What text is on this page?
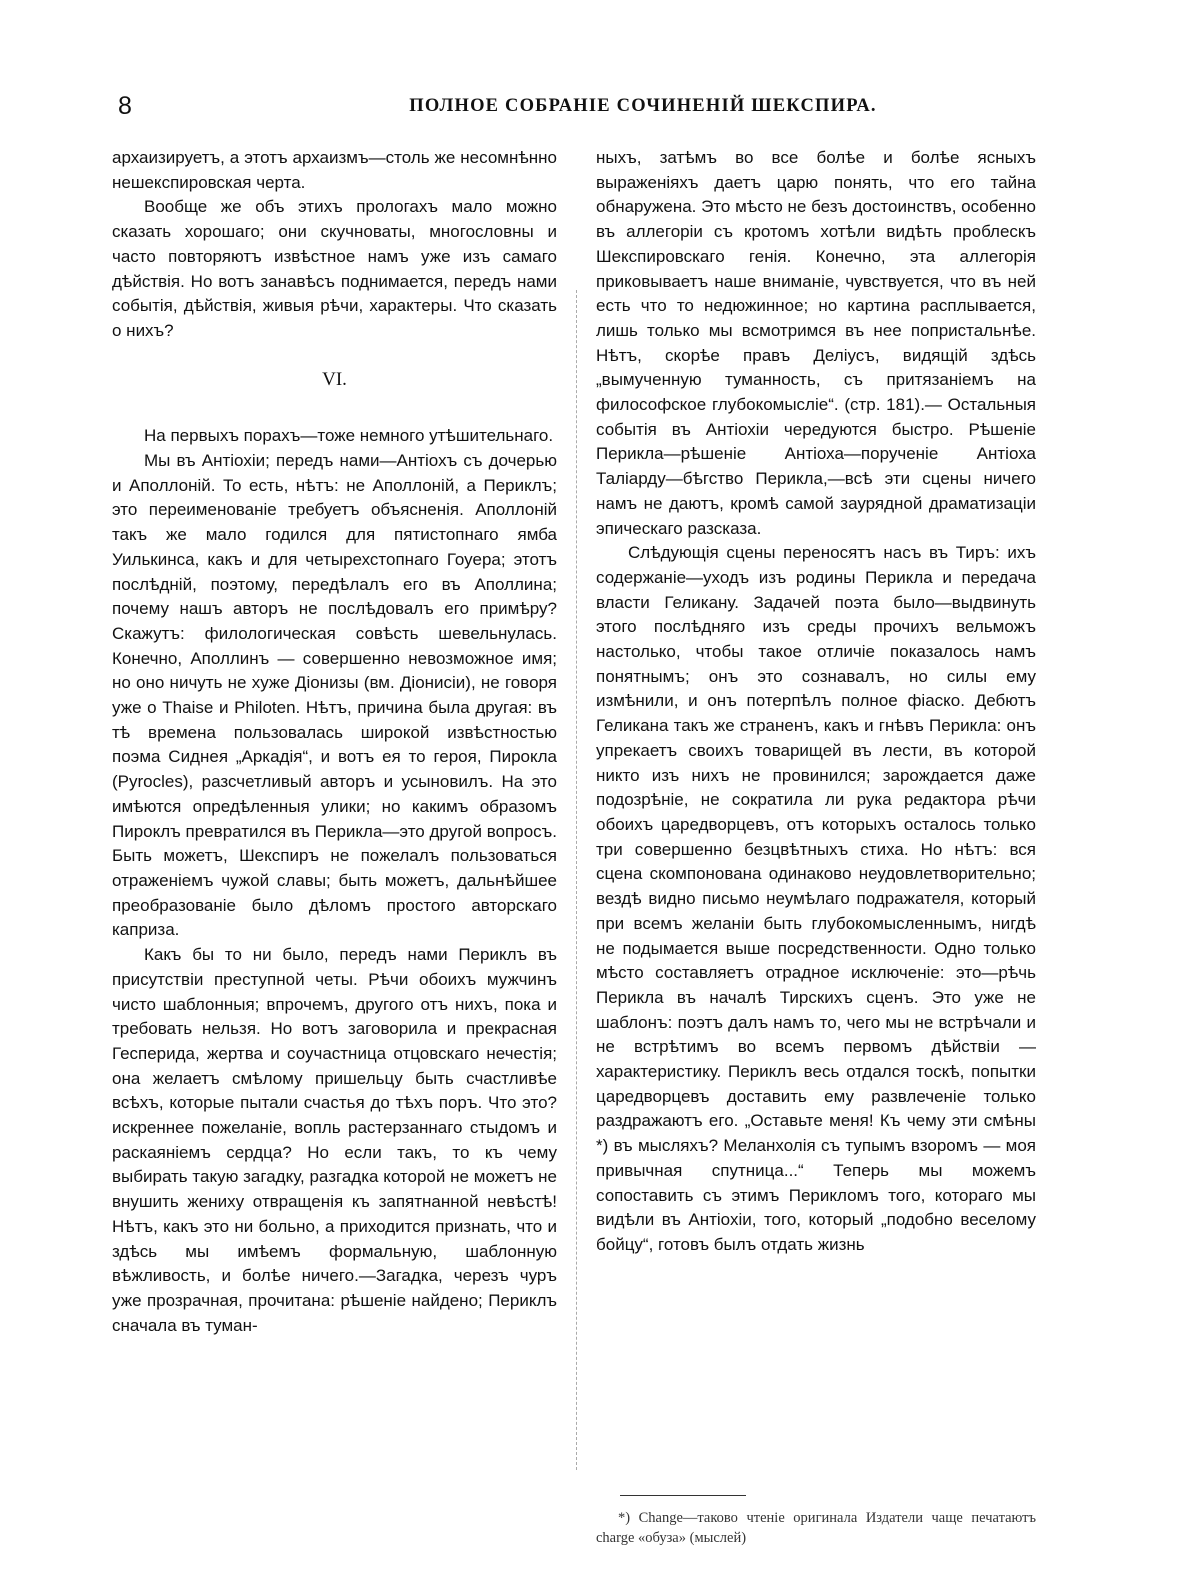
8	ПОЛНОЕ СОБРАНІЕ СОЧИНЕНІЙ ШЕКСПИРА.

архаизируетъ, а этотъ архаизмъ—столь же несомнѣнно нешекспировская черта.

Вообще же объ этихъ прологахъ мало можно сказать хорошаго; они скучноваты, многословны и часто повторяютъ извѣстное намъ уже изъ самаго дѣйствія. Но вотъ занавѣсъ поднимается, передъ нами событія, дѣйствія, живыя рѣчи, характеры. Что сказать о нихъ?

VI.

На первыхъ порахъ—тоже немного утѣшительнаго.

Мы въ Антіохіи; передъ нами—Антіохъ съ дочерью и Аполлоній. То есть, нѣтъ: не Аполлоній, а Периклъ; это переименованіе требуетъ объясненія. Аполлоній такъ же мало годился для пятистопнаго ямба Уилькинса, какъ и для четырехстопнаго Гоуера; этотъ послѣдній, поэтому, передѣлалъ его въ Аполлина; почему нашъ авторъ не послѣдовалъ его примѣру? Скажутъ: филологическая совѣсть шевельнулась. Конечно, Аполлинъ — совершенно невозможное имя; но оно ничуть не хуже Діонизы (вм. Діонисіи), не говоря уже о Thaise и Philoten. Нѣтъ, причина была другая: въ тѣ времена пользовалась широкой извѣстностью поэма Сиднея „Аркадія“, и вотъ ея то героя, Пирокла (Pyrocles), разсчетливый авторъ и усыновилъ. На это имѣются опредѣленныя улики; но какимъ образомъ Пироклъ превратился въ Перикла—это другой вопросъ. Быть можетъ, Шекспиръ не пожелалъ пользоваться отраженіемъ чужой славы; быть можетъ, дальнѣйшее преобразованіе было дѣломъ простого авторскаго каприза.

Какъ бы то ни было, передъ нами Периклъ въ присутствіи преступной четы. Рѣчи обоихъ мужчинъ чисто шаблонныя; впрочемъ, другого отъ нихъ, пока и требовать нельзя. Но вотъ заговорила и прекрасная Гесперида, жертва и соучастница отцовскаго нечестія; она желаетъ смѣлому пришельцу быть счастливѣе всѣхъ, которые пытали счастья до тѣхъ поръ. Что это? искреннее пожеланіе, вопль растерзаннаго стыдомъ и раскаяніемъ сердца? Но если такъ, то къ чему выбирать такую загадку, разгадка которой не можетъ не внушить жениху отвращенія къ запятнанной невѣстѣ! Нѣтъ, какъ это ни больно, а приходится признать, что и здѣсь мы имѣемъ формальную, шаблонную вѣжливость, и болѣе ничего.—Загадка, черезъ чуръ уже прозрачная, прочитана: рѣшеніе найдено; Периклъ сначала въ туман-

ныхъ, затѣмъ во все болѣе и болѣе ясныхъ выраженіяхъ даетъ царю понять, что его тайна обнаружена. Это мѣсто не безъ достоинствъ, особенно въ аллегоріи съ кротомъ хотѣли видѣть проблескъ Шекспировскаго генія. Конечно, эта аллегорія приковываетъ наше вниманіе, чувствуется, что въ ней есть что то недюжинное; но картина расплывается, лишь только мы всмотримся въ нее попристальнѣе. Нѣтъ, скорѣе правъ Деліусъ, видящій здѣсь „вымученную туманность, съ притязаніемъ на философское глубокомысліе“. (стр. 181).— Остальныя событія въ Антіохіи чередуются быстро. Рѣшеніе Перикла—рѣшеніе Антіоха—порученіе Антіоха Таліарду—бѣгство Перикла,—всѣ эти сцены ничего намъ не даютъ, кромѣ самой заурядной драматизаціи эпическаго разсказа.

Слѣдующія сцены переносятъ насъ въ Тиръ: ихъ содержаніе—уходъ изъ родины Перикла и передача власти Геликану. Задачей поэта было—выдвинуть этого послѣдняго изъ среды прочихъ вельможъ настолько, чтобы такое отличіе показалось намъ понятнымъ; онъ это сознавалъ, но силы ему измѣнили, и онъ потерпѣлъ полное фіаско. Дебютъ Геликана такъ же страненъ, какъ и гнѣвъ Перикла: онъ упрекаетъ своихъ товарищей въ лести, въ которой никто изъ нихъ не провинился; зарождается даже подозрѣніе, не сократила ли рука редактора рѣчи обоихъ царедворцевъ, отъ которыхъ осталось только три совершенно безцвѣтныхъ стиха. Но нѣтъ: вся сцена скомпонована одинаково неудовлетворительно; вездѣ видно письмо неумѣлаго подражателя, который при всемъ желаніи быть глубокомысленнымъ, нигдѣ не подымается выше посредственности. Одно только мѣсто составляетъ отрадное исключеніе: это—рѣчь Перикла въ началѣ Тирскихъ сценъ. Это уже не шаблонъ: поэтъ далъ намъ то, чего мы не встрѣчали и не встрѣтимъ во всемъ первомъ дѣйствіи — характеристику. Периклъ весь отдался тоскѣ, попытки царедворцевъ доставить ему развлеченіе только раздражаютъ его. „Оставьте меня! Къ чему эти смѣны *) въ мысляхъ? Меланхолія съ тупымъ взоромъ — моя привычная спутница...“ Теперь мы можемъ сопоставить съ этимъ Перикломъ того, котораго мы видѣли въ Антіохіи, того, который „подобно веселому бойцу“, готовъ былъ отдать жизнь

*) Change—таково чтеніе оригинала Издатели чаще печатаютъ charge «обуза» (мыслей)
